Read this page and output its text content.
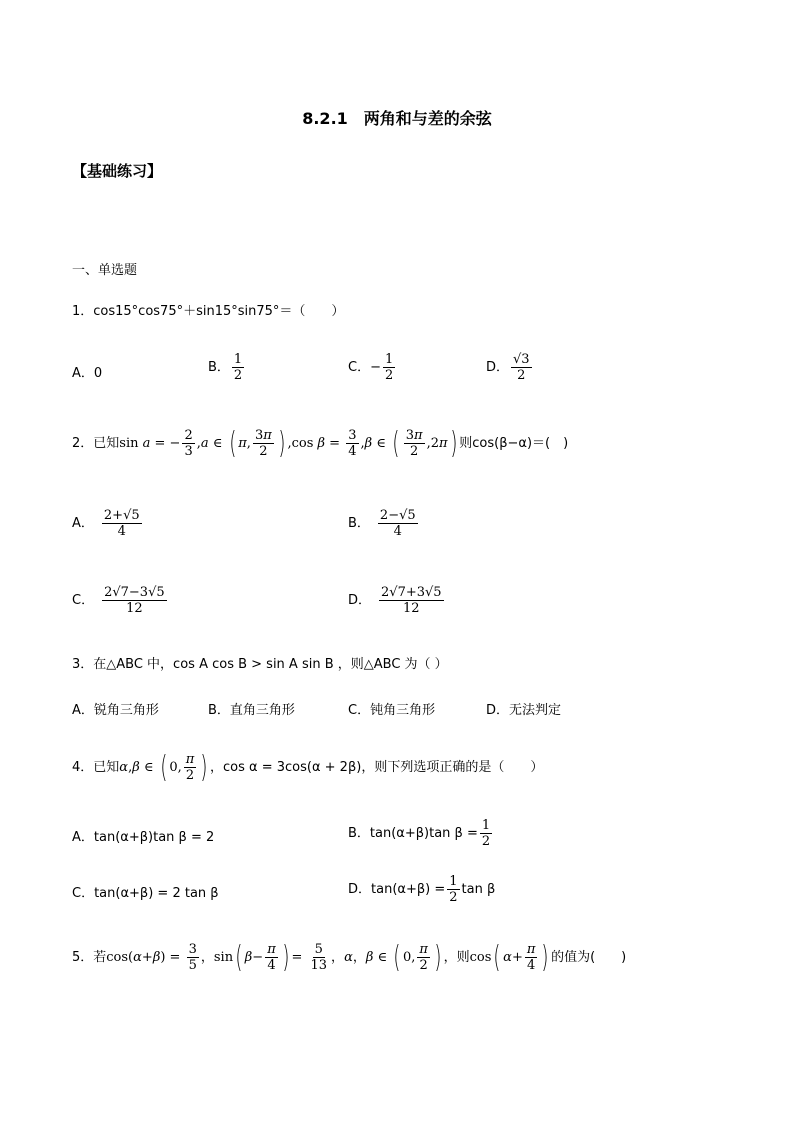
8.2.1　两角和与差的余弦
【基础练习】
一、单选题
1．cos15°cos75°＋sin15°sin75°＝（　　）
A．0	B． $\frac{1}{2}$	C．− $\frac{1}{2}$	D． $\frac{√3}{2}$
2．已知 sin a = − $\frac{2}{3}$ , a ∈ ( π , $\frac{3\pi}{2}$ ) ,cos $\beta = \frac{3}{4}$ , β ∈ ( $\frac{3\pi}{2} ,2$ π ) 则cos(β−α)＝(　)
A． $\frac{2+√5}{4}$	B． $\frac{2-√5}{4}$
C． $\frac{2√7-3√5}{12}$	D． $\frac{2√7+3√5}{12}$
3．在△ABC 中，cos A cos B > sin A sin B ，则△ABC 为（ ）
A．锐角三角形	B．直角三角形	C．钝角三角形	D．无法判定
4．已知 α , β ∈ ( 0, $\frac{\pi}{2}$ ) ，cos α = 3cos(α + 2β)，则下列选项正确的是（　　）
A．tan(α+β)tan β = 2	B．tan(α+β)tan $\beta = \frac{1}{2}$
C．tan(α+β) = 2 tan β	D．$\tan(\alpha+\beta) = \frac{1}{2}$ tan β
5．若 cos( α + β ) = $\frac{3}{5}$ ，sin ( $\beta - \frac{\pi}{4}$ ) = $\frac{5}{13}$ ， α ， β ∈ ( 0, $\frac{\pi}{2}$ ) ，则cos ( $\alpha + \frac{\pi}{4}$ ) 的值为(　　)
